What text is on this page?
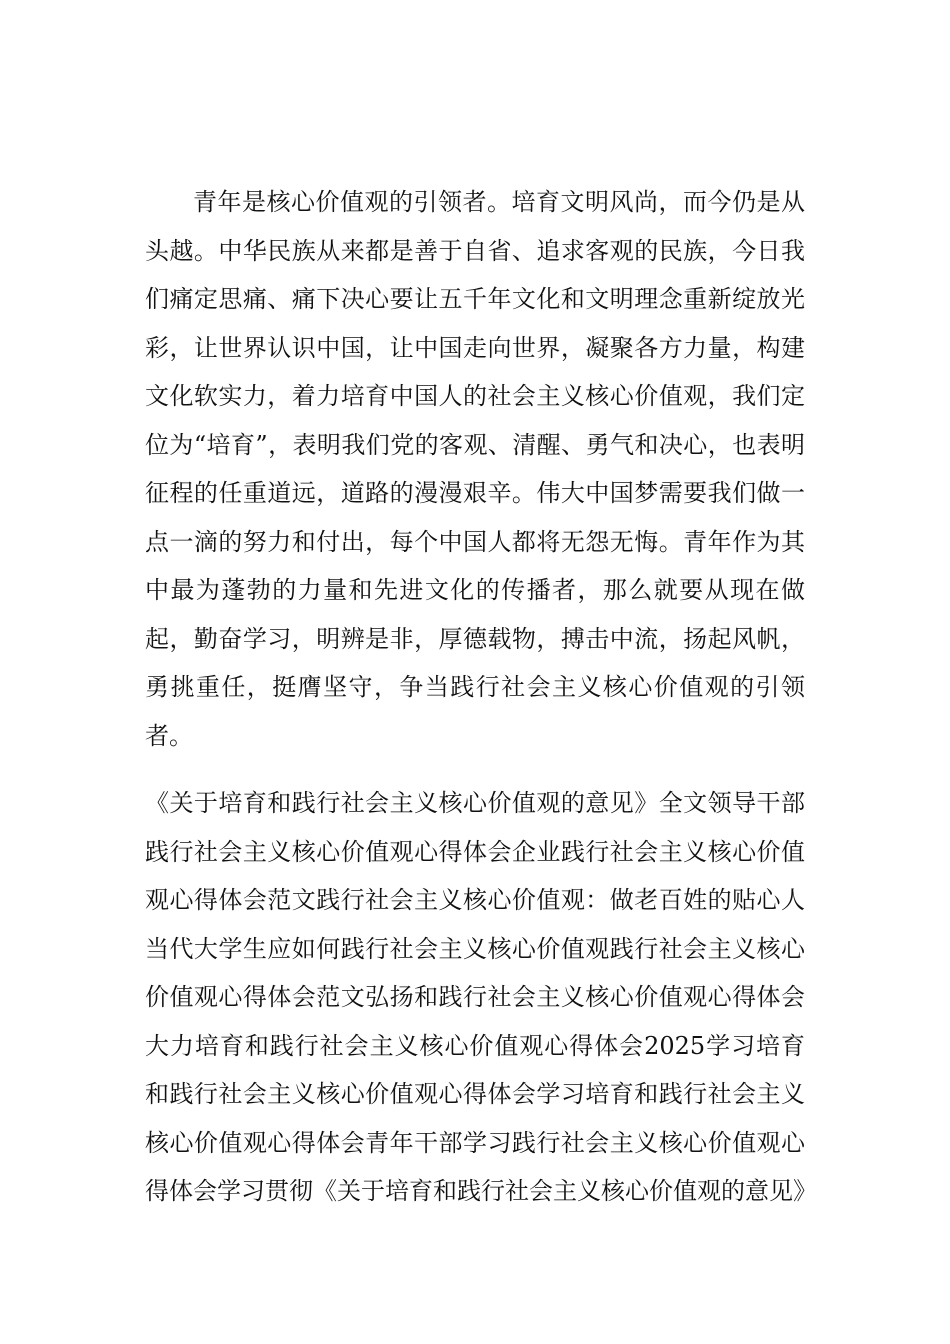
青年是核心价值观的引领者。培育文明风尚，而今仍是从头越。中华民族从来都是善于自省、追求客观的民族，今日我们痛定思痛、痛下决心要让五千年文化和文明理念重新绽放光彩，让世界认识中国，让中国走向世界，凝聚各方力量，构建文化软实力，着力培育中国人的社会主义核心价值观，我们定位为“培育”，表明我们党的客观、清醒、勇气和决心，也表明征程的任重道远，道路的漫漫艰辛。伟大中国梦需要我们做一点一滴的努力和付出，每个中国人都将无怨无悔。青年作为其中最为蓬勃的力量和先进文化的传播者，那么就要从现在做起，勤奋学习，明辨是非，厚德载物，搏击中流，扬起风帆，勇挑重任，挺膺坚守，争当践行社会主义核心价值观的引领者。

《关于培育和践行社会主义核心价值观的意见》全文领导干部践行社会主义核心价值观心得体会企业践行社会主义核心价值观心得体会范文践行社会主义核心价值观：做老百姓的贴心人当代大学生应如何践行社会主义核心价值观践行社会主义核心价值观心得体会范文弘扬和践行社会主义核心价值观心得体会大力培育和践行社会主义核心价值观心得体会2025学习培育和践行社会主义核心价值观心得体会学习培育和践行社会主义核心价值观心得体会青年干部学习践行社会主义核心价值观心得体会学习贯彻《关于培育和践行社会主义核心价值观的意见》
